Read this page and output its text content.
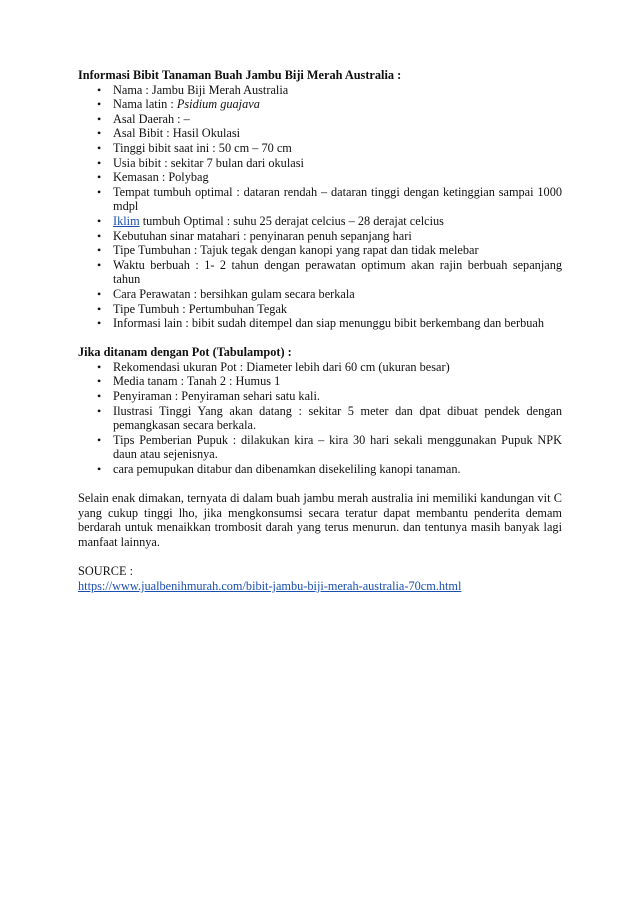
Informasi Bibit Tanaman Buah Jambu Biji Merah Australia :
• Nama : Jambu Biji Merah Australia
• Nama latin : Psidium guajava
• Asal Daerah : –
• Asal Bibit : Hasil Okulasi
• Tinggi bibit saat ini : 50 cm – 70 cm
• Usia bibit : sekitar 7 bulan dari okulasi
• Kemasan : Polybag
• Tempat tumbuh optimal : dataran rendah – dataran tinggi dengan ketinggian sampai 1000 mdpl
• Iklim tumbuh Optimal : suhu 25 derajat celcius – 28 derajat celcius
• Kebutuhan sinar matahari : penyinaran penuh sepanjang hari
• Tipe Tumbuhan : Tajuk tegak dengan kanopi yang rapat dan tidak melebar
• Waktu berbuah : 1- 2 tahun dengan perawatan optimum akan rajin berbuah sepanjang tahun
• Cara Perawatan : bersihkan gulam secara berkala
• Tipe Tumbuh : Pertumbuhan Tegak
• Informasi lain : bibit sudah ditempel dan siap menunggu bibit berkembang dan berbuah
Jika ditanam dengan Pot (Tabulampot) :
• Rekomendasi ukuran Pot : Diameter lebih dari 60 cm (ukuran besar)
• Media tanam : Tanah 2 : Humus 1
• Penyiraman : Penyiraman sehari satu kali.
• Ilustrasi Tinggi Yang akan datang : sekitar 5 meter dan dpat dibuat pendek dengan pemangkasan secara berkala.
• Tips Pemberian Pupuk : dilakukan kira – kira 30 hari sekali menggunakan Pupuk NPK daun atau sejenisnya.
• cara pemupukan ditabur dan dibenamkan disekeliling kanopi tanaman.

Selain enak dimakan, ternyata di dalam buah jambu merah australia ini memiliki kandungan vit C yang cukup tinggi lho, jika mengkonsumsi secara teratur dapat membantu penderita demam berdarah untuk menaikkan trombosit darah yang terus menurun. dan tentunya masih banyak lagi manfaat lainnya.

SOURCE :
https://www.jualbenihmurah.com/bibit-jambu-biji-merah-australia-70cm.html
